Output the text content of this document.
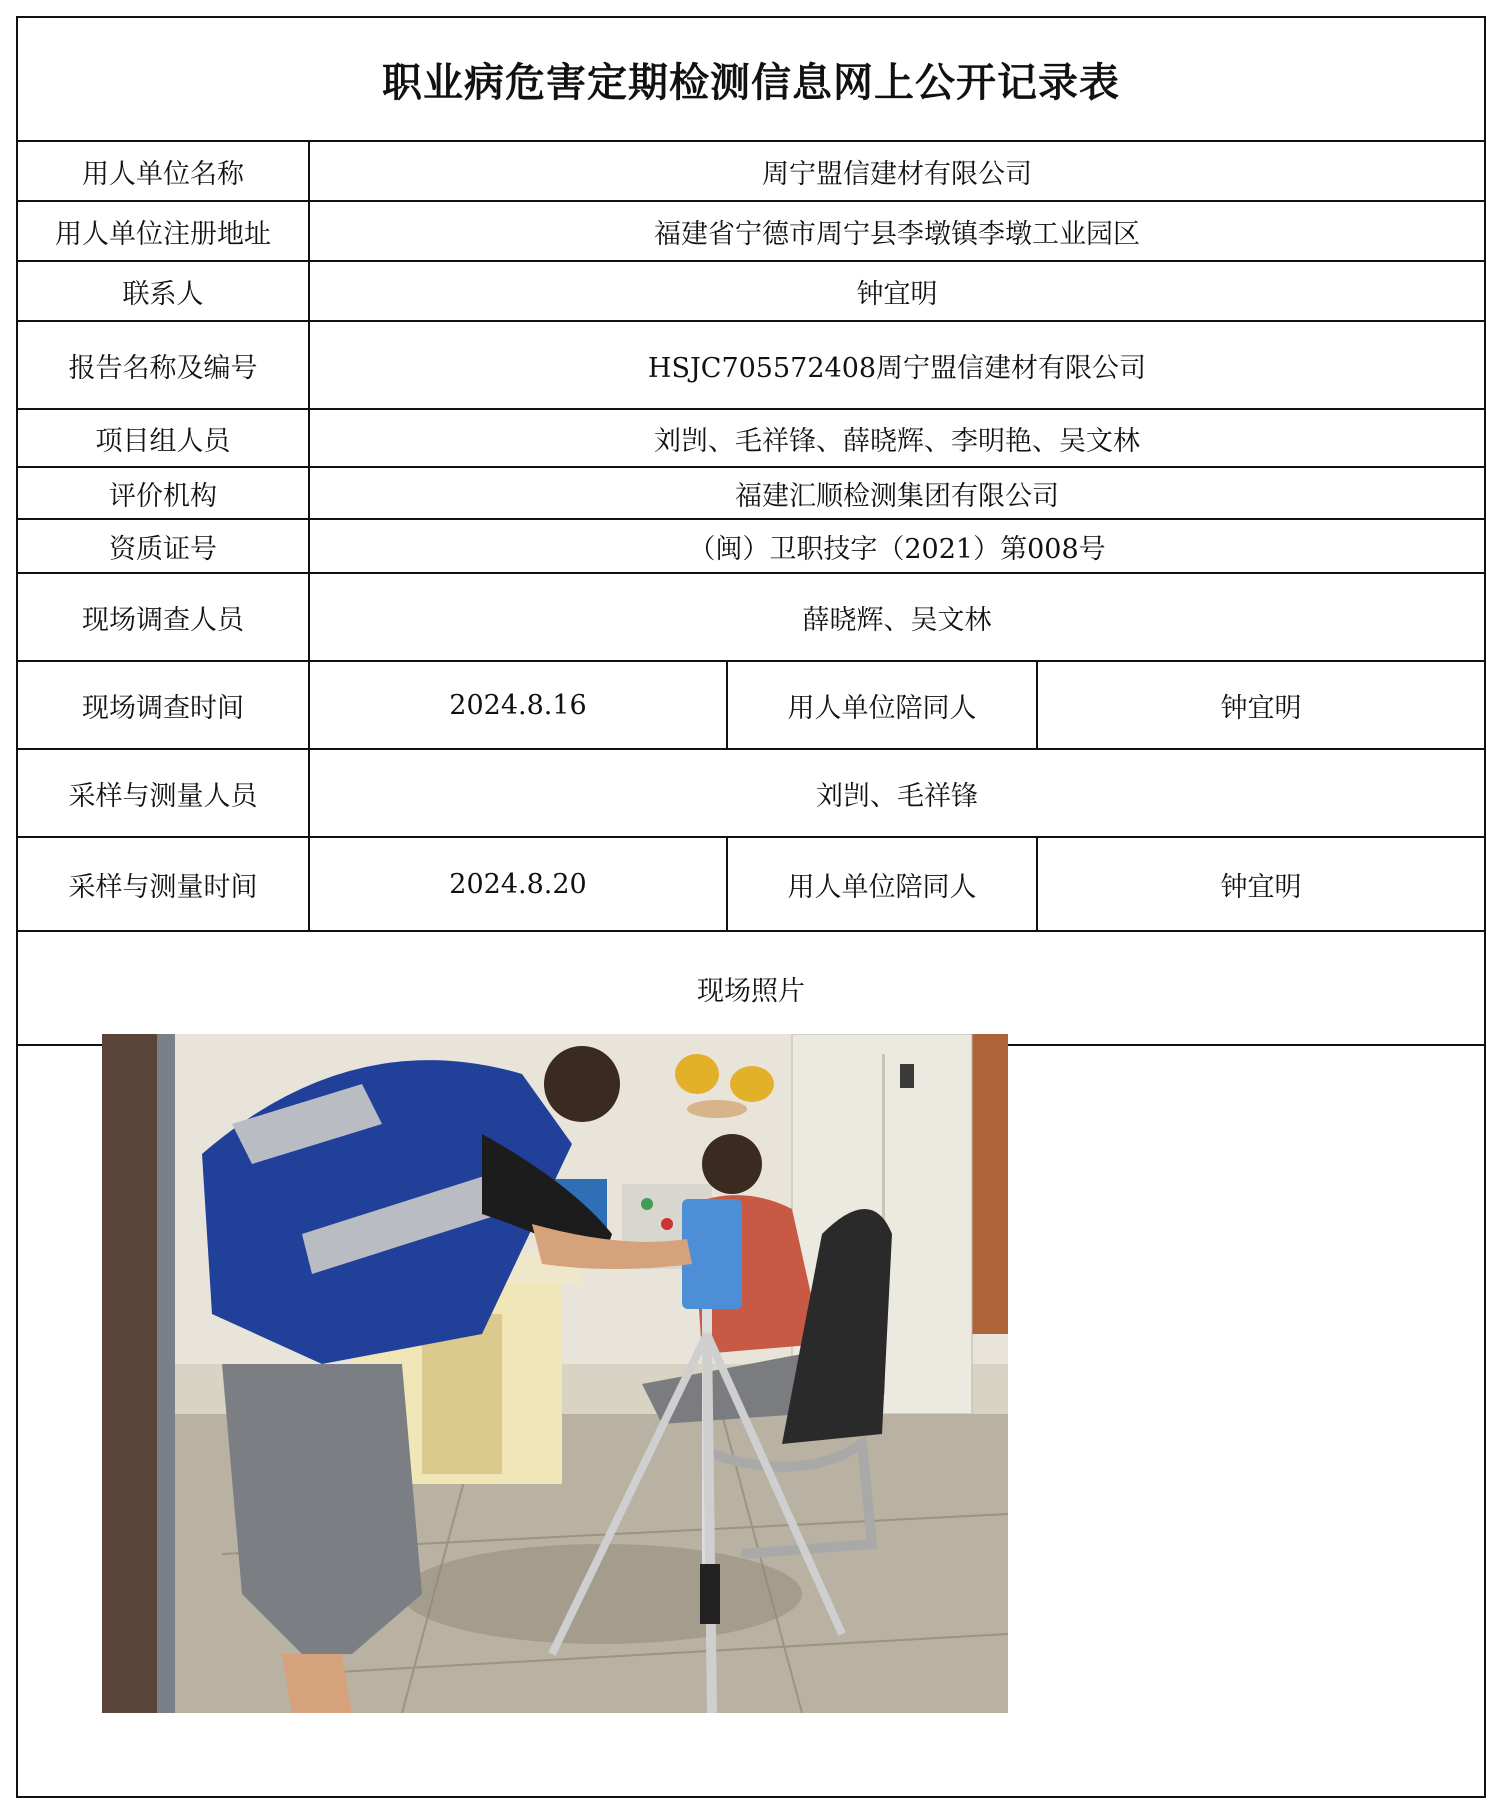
职业病危害定期检测信息网上公开记录表
用人单位名称	周宁盟信建材有限公司
用人单位注册地址	福建省宁德市周宁县李墩镇李墩工业园区
联系人	钟宜明
报告名称及编号	HSJC705572408周宁盟信建材有限公司
项目组人员	刘剀、毛祥锋、薛晓辉、李明艳、吴文林
评价机构	福建汇顺检测集团有限公司
资质证号	（闽）卫职技字（2021）第008号
现场调查人员	薛晓辉、吴文林
现场调查时间	2024.8.16	用人单位陪同人	钟宜明
采样与测量人员	刘剀、毛祥锋
采样与测量时间	2024.8.20	用人单位陪同人	钟宜明
现场照片
